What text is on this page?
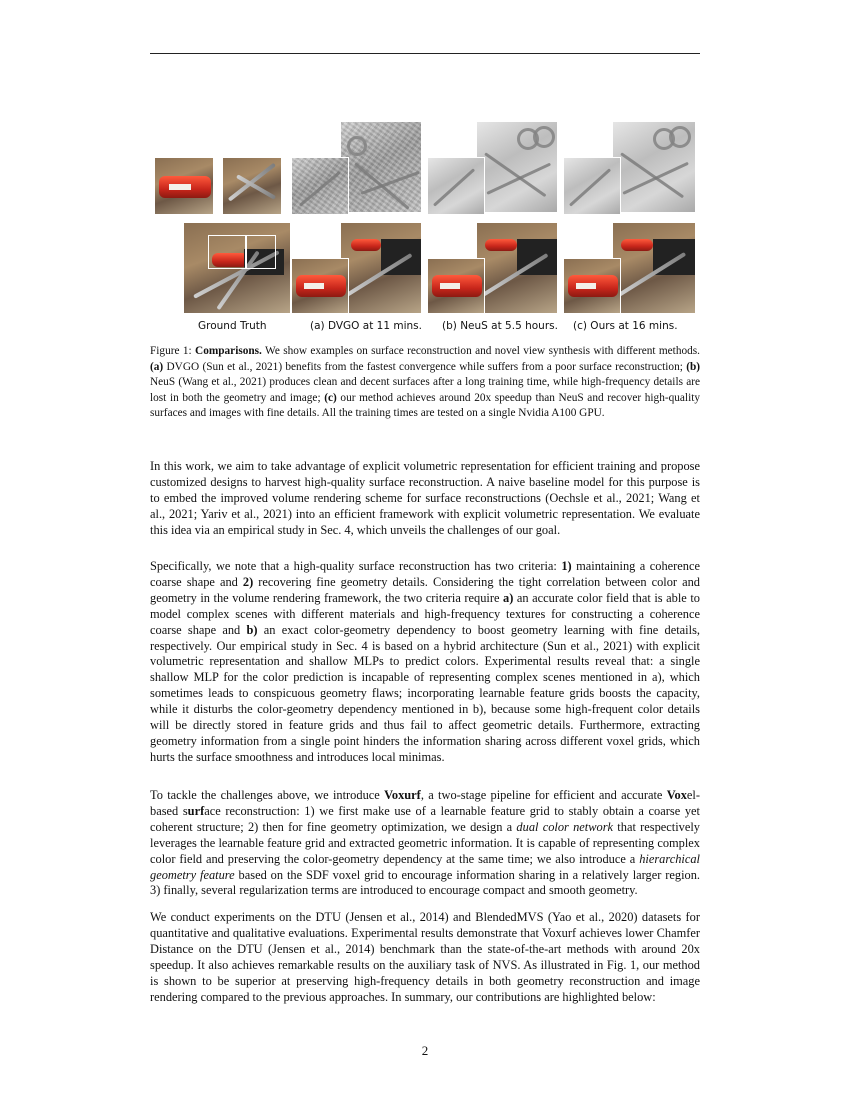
Ground Truth	(a) DVGO at 11 mins. (b) NeuS at 5.5 hours. (c) Ours at 16 mins.
Figure 1: Comparisons. We show examples on surface reconstruction and novel view synthesis with different methods. (a) DVGO (Sun et al., 2021) benefits from the fastest convergence while suffers from a poor surface reconstruction; (b) NeuS (Wang et al., 2021) produces clean and decent surfaces after a long training time, while high-frequency details are lost in both the geometry and image; (c) our method achieves around 20x speedup than NeuS and recover high-quality surfaces and images with fine details. All the training times are tested on a single Nvidia A100 GPU.

In this work, we aim to take advantage of explicit volumetric representation for efficient training and propose customized designs to harvest high-quality surface reconstruction. A naive baseline model for this purpose is to embed the improved volume rendering scheme for surface reconstructions (Oechsle et al., 2021; Wang et al., 2021; Yariv et al., 2021) into an efficient framework with explicit volumetric representation. We evaluate this idea via an empirical study in Sec. 4, which unveils the challenges of our goal.

Specifically, we note that a high-quality surface reconstruction has two criteria: 1) maintaining a coherence coarse shape and 2) recovering fine geometry details. Considering the tight correlation between color and geometry in the volume rendering framework, the two criteria require a) an accurate color field that is able to model complex scenes with different materials and high-frequency textures for constructing a coherence coarse shape and b) an exact color-geometry dependency to boost geometry learning with fine details, respectively. Our empirical study in Sec. 4 is based on a hybrid architecture (Sun et al., 2021) with explicit volumetric representation and shallow MLPs to predict colors. Experimental results reveal that: a single shallow MLP for the color prediction is incapable of representing complex scenes mentioned in a), which sometimes leads to conspicuous geometry flaws; incorporating learnable feature grids boosts the capacity, while it disturbs the color-geometry dependency mentioned in b), because some high-frequent color details will be directly stored in feature grids and thus fail to affect geometric details. Furthermore, extracting geometry information from a single point hinders the information sharing across different voxel grids, which hurts the surface smoothness and introduces local minimas.

To tackle the challenges above, we introduce Voxurf, a two-stage pipeline for efficient and accurate Voxel-based surface reconstruction: 1) we first make use of a learnable feature grid to stably obtain a coarse yet coherent structure; 2) then for fine geometry optimization, we design a dual color network that respectively leverages the learnable feature grid and extracted geometric information. It is capable of representing complex color field and preserving the color-geometry dependency at the same time; we also introduce a hierarchical geometry feature based on the SDF voxel grid to encourage information sharing in a relatively larger region. 3) finally, several regularization terms are introduced to encourage compact and smooth geometry.

We conduct experiments on the DTU (Jensen et al., 2014) and BlendedMVS (Yao et al., 2020) datasets for quantitative and qualitative evaluations. Experimental results demonstrate that Voxurf achieves lower Chamfer Distance on the DTU (Jensen et al., 2014) benchmark than the state-of-the-art methods with around 20x speedup. It also achieves remarkable results on the auxiliary task of NVS. As illustrated in Fig. 1, our method is shown to be superior at preserving high-frequency details in both geometry reconstruction and image rendering compared to the previous approaches. In summary, our contributions are highlighted below:

2
